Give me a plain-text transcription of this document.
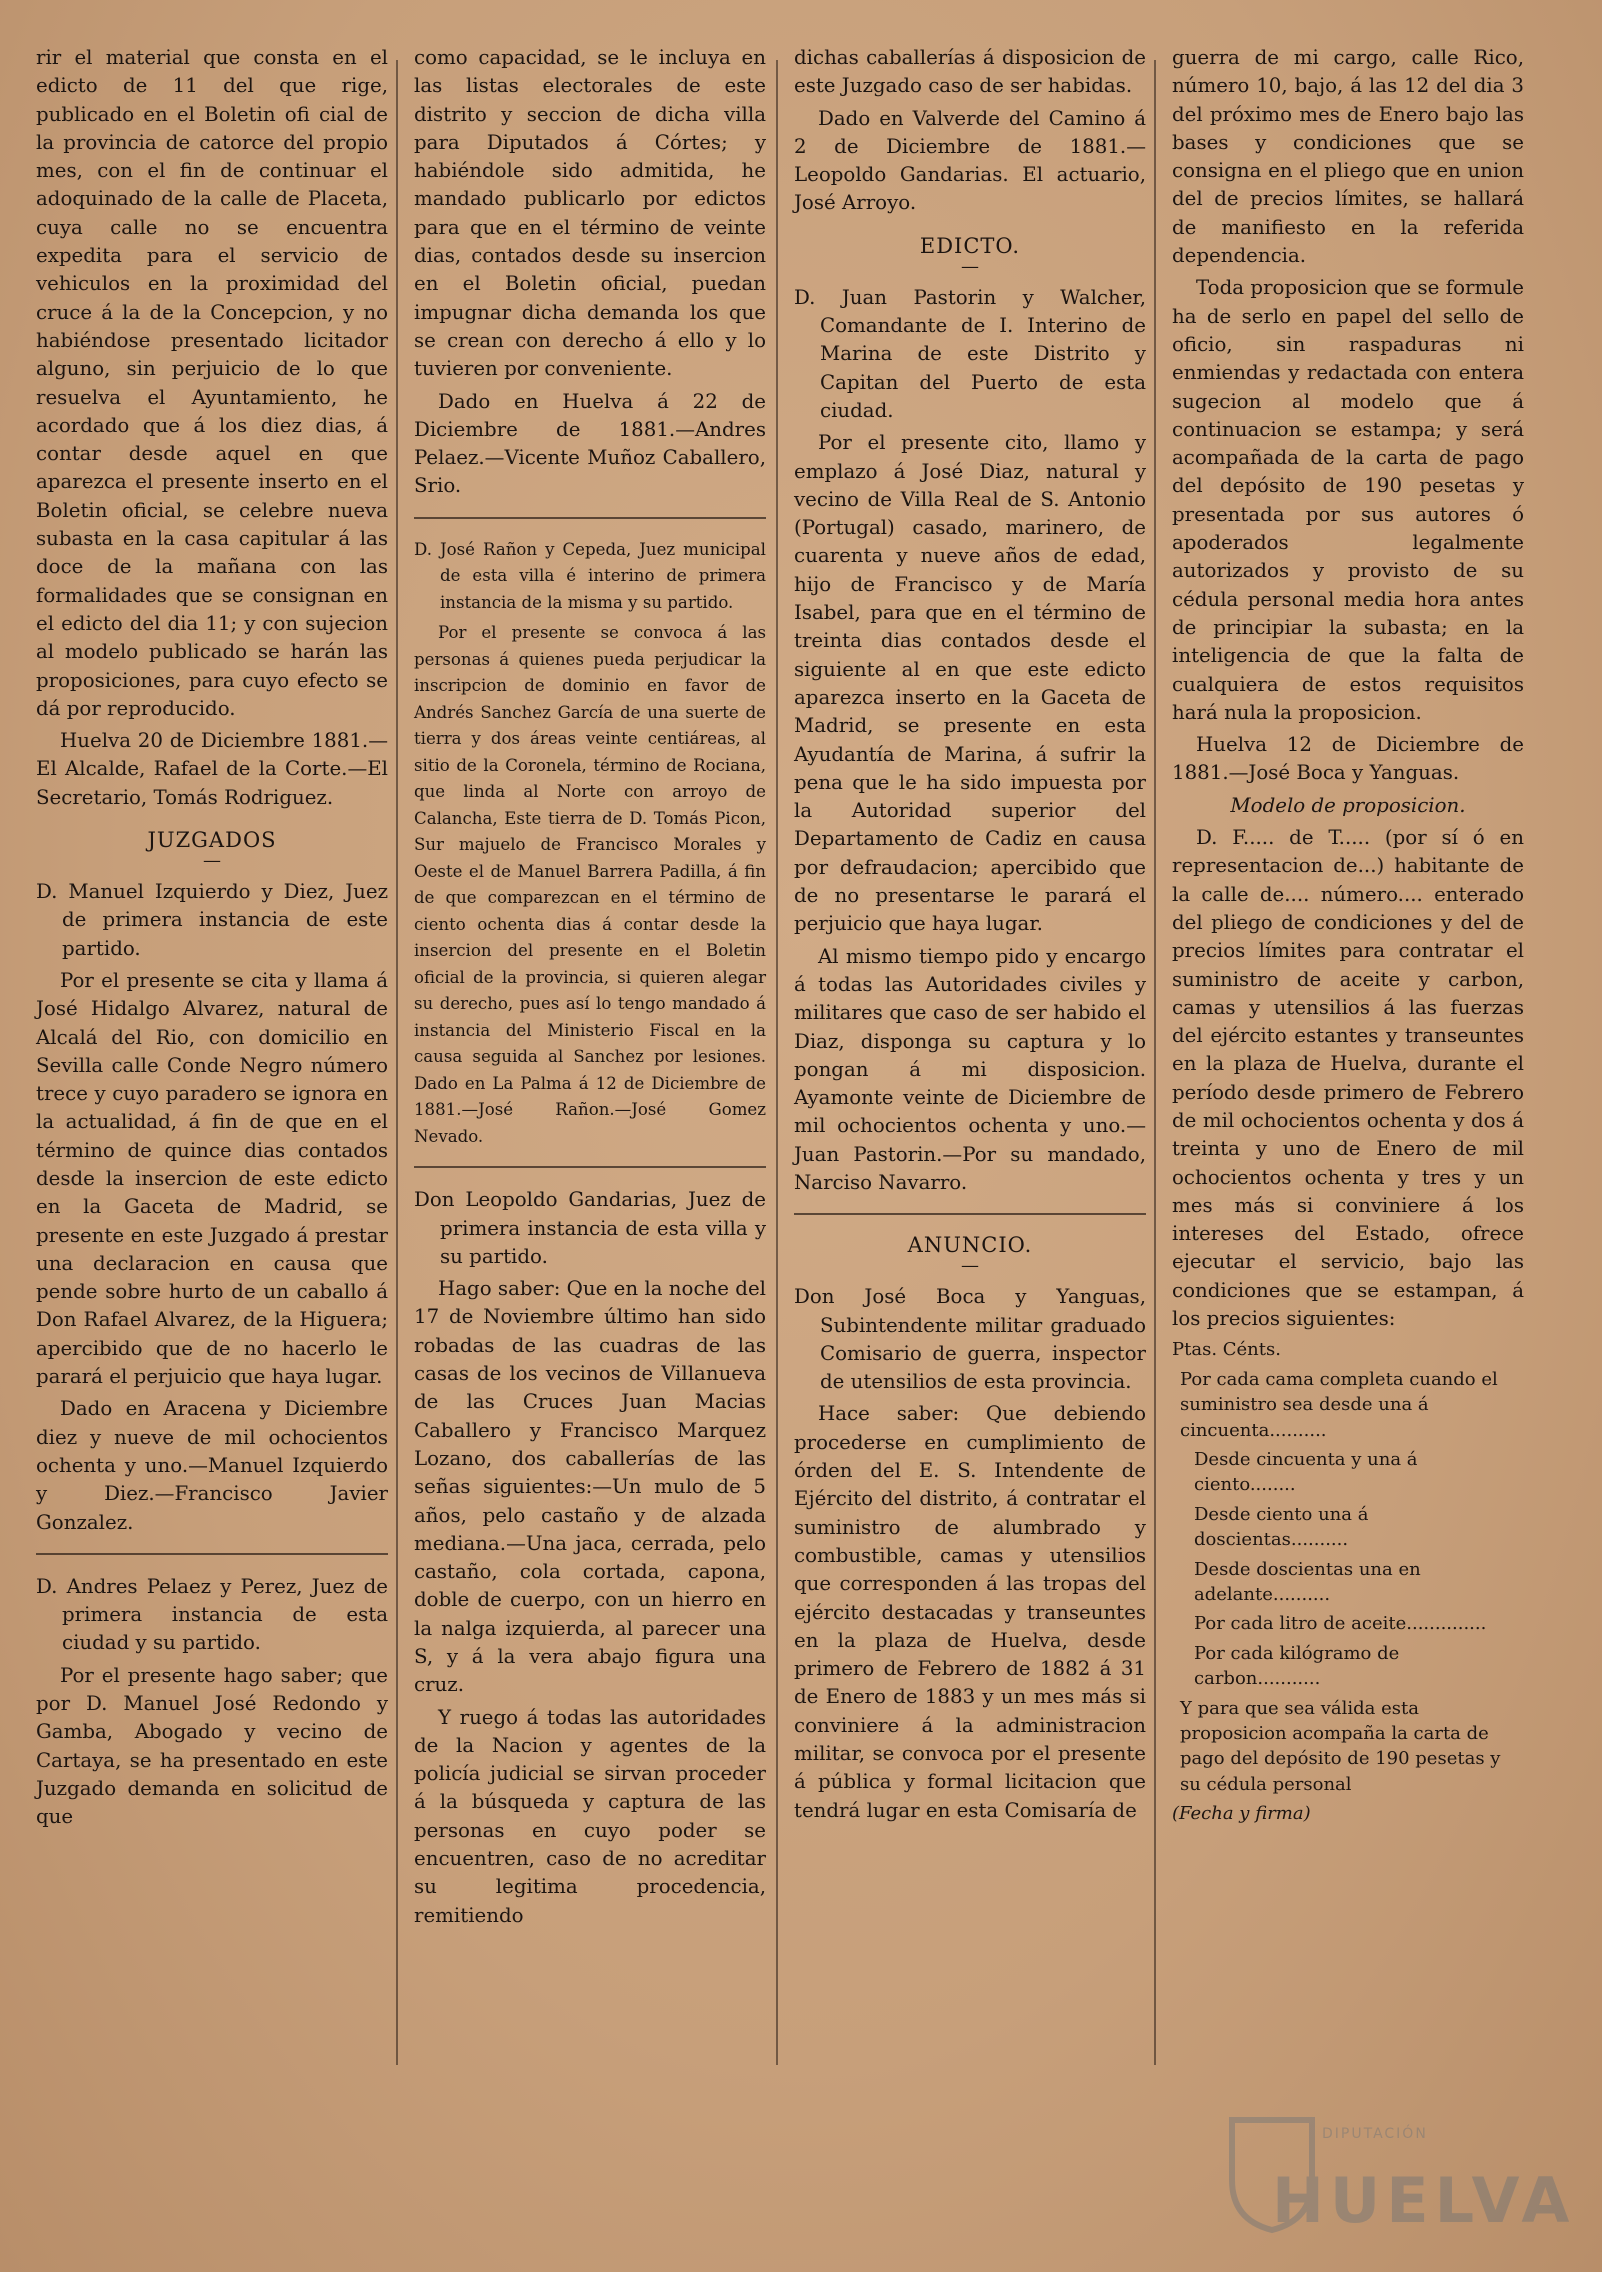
rir el material que consta en el edicto de 11 del que rige, publicado en el Boletin ofi cial de la provincia de catorce del propio mes, con el fin de continuar el adoquinado de la calle de Placeta, cuya calle no se encuentra expedita para el servicio de vehiculos en la proximidad del cruce á la de la Concepcion, y no habiéndose presentado licitador alguno, sin perjuicio de lo que resuelva el Ayuntamiento, he acordado que á los diez dias, á contar desde aquel en que aparezca el presente inserto en el Boletin oficial, se celebre nueva subasta en la casa capitular á las doce de la mañana con las formalidades que se consignan en el edicto del dia 11; y con sujecion al modelo publicado se harán las proposiciones, para cuyo efecto se dá por reproducido.

Huelva 20 de Diciembre 1881.—El Alcalde, Rafael de la Corte.—El Secretario, Tomás Rodriguez.

JUZGADOS
—

D. Manuel Izquierdo y Diez, Juez de primera instancia de este partido.

Por el presente se cita y llama á José Hidalgo Alvarez, natural de Alcalá del Rio, con domicilio en Sevilla calle Conde Negro número trece y cuyo paradero se ignora en la actualidad, á fin de que en el término de quince dias contados desde la insercion de este edicto en la Gaceta de Madrid, se presente en este Juzgado á prestar una declaracion en causa que pende sobre hurto de un caballo á Don Rafael Alvarez, de la Higuera; apercibido que de no hacerlo le parará el perjuicio que haya lugar.

Dado en Aracena y Diciembre diez y nueve de mil ochocientos ochenta y uno.—Manuel Izquierdo y Diez.—Francisco Javier Gonzalez.

D. Andres Pelaez y Perez, Juez de primera instancia de esta ciudad y su partido.

Por el presente hago saber; que por D. Manuel José Redondo y Gamba, Abogado y vecino de Cartaya, se ha presentado en este Juzgado demanda en solicitud de que

como capacidad, se le incluya en las listas electorales de este distrito y seccion de dicha villa para Diputados á Córtes; y habiéndole sido admitida, he mandado publicarlo por edictos para que en el término de veinte dias, contados desde su insercion en el Boletin oficial, puedan impugnar dicha demanda los que se crean con derecho á ello y lo tuvieren por conveniente.

Dado en Huelva á 22 de Diciembre de 1881.—Andres Pelaez.—Vicente Muñoz Caballero, Srio.

D. José Rañon y Cepeda, Juez municipal de esta villa é interino de primera instancia de la misma y su partido.

Por el presente se convoca á las personas á quienes pueda perjudicar la inscripcion de dominio en favor de Andrés Sanchez García de una suerte de tierra y dos áreas veinte centiáreas, al sitio de la Coronela, término de Rociana, que linda al Norte con arroyo de Calancha, Este tierra de D. Tomás Picon, Sur majuelo de Francisco Morales y Oeste el de Manuel Barrera Padilla, á fin de que comparezcan en el término de ciento ochenta dias á contar desde la insercion del presente en el Boletin oficial de la provincia, si quieren alegar su derecho, pues así lo tengo mandado á instancia del Ministerio Fiscal en la causa seguida al Sanchez por lesiones. Dado en La Palma á 12 de Diciembre de 1881.—José Rañon.—José Gomez Nevado.

Don Leopoldo Gandarias, Juez de primera instancia de esta villa y su partido.

Hago saber: Que en la noche del 17 de Noviembre último han sido robadas de las cuadras de las casas de los vecinos de Villanueva de las Cruces Juan Macias Caballero y Francisco Marquez Lozano, dos caballerías de las señas siguientes:—Un mulo de 5 años, pelo castaño y de alzada mediana.—Una jaca, cerrada, pelo castaño, cola cortada, capona, doble de cuerpo, con un hierro en la nalga izquierda, al parecer una S, y á la vera abajo figura una cruz.

Y ruego á todas las autoridades de la Nacion y agentes de la policía judicial se sirvan proceder á la búsqueda y captura de las personas en cuyo poder se encuentren, caso de no acreditar su legitima procedencia, remitiendo

dichas caballerías á disposicion de este Juzgado caso de ser habidas.

Dado en Valverde del Camino á 2 de Diciembre de 1881.—Leopoldo Gandarias. El actuario, José Arroyo.

EDICTO.
—

D. Juan Pastorin y Walcher, Comandante de I. Interino de Marina de este Distrito y Capitan del Puerto de esta ciudad.

Por el presente cito, llamo y emplazo á José Diaz, natural y vecino de Villa Real de S. Antonio (Portugal) casado, marinero, de cuarenta y nueve años de edad, hijo de Francisco y de María Isabel, para que en el término de treinta dias contados desde el siguiente al en que este edicto aparezca inserto en la Gaceta de Madrid, se presente en esta Ayudantía de Marina, á sufrir la pena que le ha sido impuesta por la Autoridad superior del Departamento de Cadiz en causa por defraudacion; apercibido que de no presentarse le parará el perjuicio que haya lugar.

Al mismo tiempo pido y encargo á todas las Autoridades civiles y militares que caso de ser habido el Diaz, disponga su captura y lo pongan á mi disposicion. Ayamonte veinte de Diciembre de mil ochocientos ochenta y uno.—Juan Pastorin.—Por su mandado, Narciso Navarro.

ANUNCIO.
—

Don José Boca y Yanguas, Subintendente militar graduado Comisario de guerra, inspector de utensilios de esta provincia.

Hace saber: Que debiendo procederse en cumplimiento de órden del E. S. Intendente de Ejército del distrito, á contratar el suministro de alumbrado y combustible, camas y utensilios que corresponden á las tropas del ejército destacadas y transeuntes en la plaza de Huelva, desde primero de Febrero de 1882 á 31 de Enero de 1883 y un mes más si conviniere á la administracion militar, se convoca por el presente á pública y formal licitacion que tendrá lugar en esta Comisaría de

guerra de mi cargo, calle Rico, número 10, bajo, á las 12 del dia 3 del próximo mes de Enero bajo las bases y condiciones que se consigna en el pliego que en union del de precios límites, se hallará de manifiesto en la referida dependencia.

Toda proposicion que se formule ha de serlo en papel del sello de oficio, sin raspaduras ni enmiendas y redactada con entera sugecion al modelo que á continuacion se estampa; y será acompañada de la carta de pago del depósito de 190 pesetas y presentada por sus autores ó apoderados legalmente autorizados y provisto de su cédula personal media hora antes de principiar la subasta; en la inteligencia de que la falta de cualquiera de estos requisitos hará nula la proposicion.

Huelva 12 de Diciembre de 1881.—José Boca y Yanguas.

Modelo de proposicion.

D. F..... de T..... (por sí ó en representacion de...) habitante de la calle de.... número.... enterado del pliego de condiciones y del de precios límites para contratar el suministro de aceite y carbon, camas y utensilios á las fuerzas del ejército estantes y transeuntes en la plaza de Huelva, durante el período desde primero de Febrero de mil ochocientos ochenta y dos á treinta y uno de Enero de mil ochocientos ochenta y tres y un mes más si conviniere á los intereses del Estado, ofrece ejecutar el servicio, bajo las condiciones que se estampan, á los precios siguientes:

Ptas. Cénts.

Por cada cama completa cuando el suministro sea desde una á cincuenta..........

Desde cincuenta y una á ciento........

Desde ciento una á doscientas..........

Desde doscientas una en adelante..........

Por cada litro de aceite..............

Por cada kilógramo de carbon...........

Y para que sea válida esta proposicion acompaña la carta de pago del depósito de 190 pesetas y su cédula personal

(Fecha y firma)

DIPUTACIÓN
HUELVA
